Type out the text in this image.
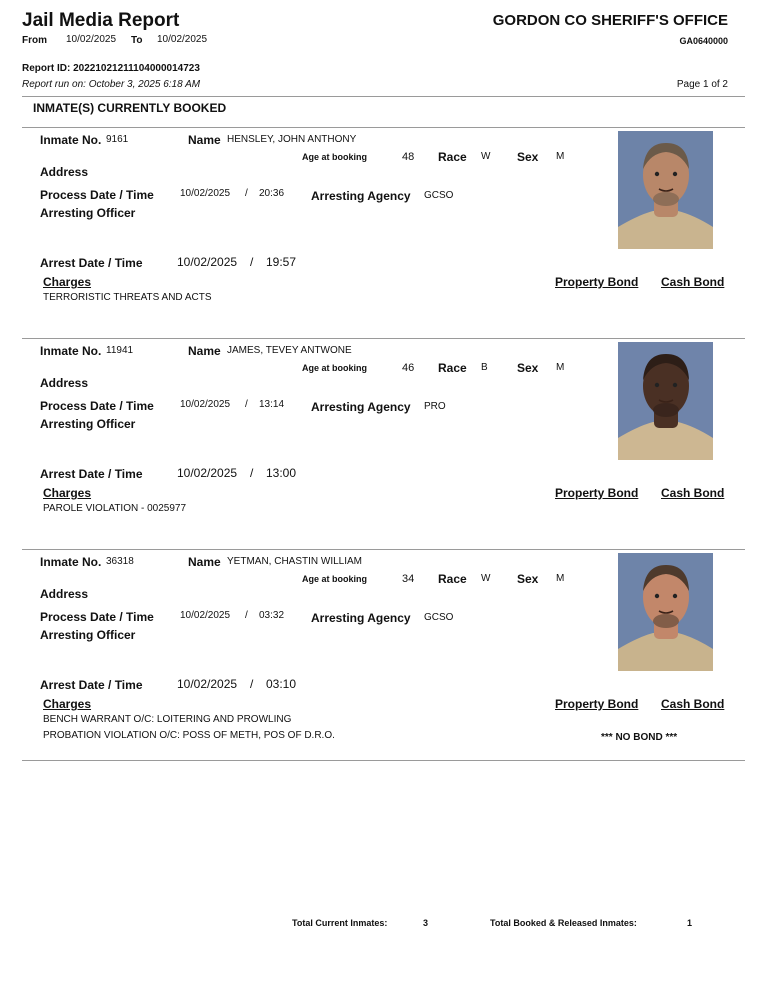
Jail Media Report
From 10/02/2025 To 10/02/2025
GORDON CO SHERIFF'S OFFICE
GA0640000
Report ID: 20221021211104000014723
Report run on: October 3, 2025 6:18 AM	Page 1 of 2
INMATE(S) CURRENTLY BOOKED
Inmate No. 9161	Name HENSLEY, JOHN ANTHONY
Age at booking	48 Race W Sex M
Address
Process Date / Time	10/02/2025 / 20:36 Arresting Agency GCSO
Arresting Officer
Arrest Date / Time	10/02/2025 / 19:57
Charges	Property Bond Cash Bond
TERRORISTIC THREATS AND ACTS
Inmate No. 11941	Name JAMES, TEVEY ANTWONE
Age at booking	46 Race B Sex M
Address
Process Date / Time	10/02/2025 / 13:14 Arresting Agency PRO
Arresting Officer
Arrest Date / Time	10/02/2025 / 13:00
Charges	Property Bond Cash Bond
PAROLE VIOLATION - 0025977
Inmate No. 36318	Name YETMAN, CHASTIN WILLIAM
Age at booking	34 Race W Sex M
Address
Process Date / Time	10/02/2025 / 03:32 Arresting Agency GCSO
Arresting Officer
Arrest Date / Time	10/02/2025 / 03:10
Charges	Property Bond Cash Bond
BENCH WARRANT O/C: LOITERING AND PROWLING
PROBATION VIOLATION O/C: POSS OF METH, POS OF D.R.O.	*** NO BOND ***
Total Current Inmates:	3	Total Booked & Released Inmates:	1
